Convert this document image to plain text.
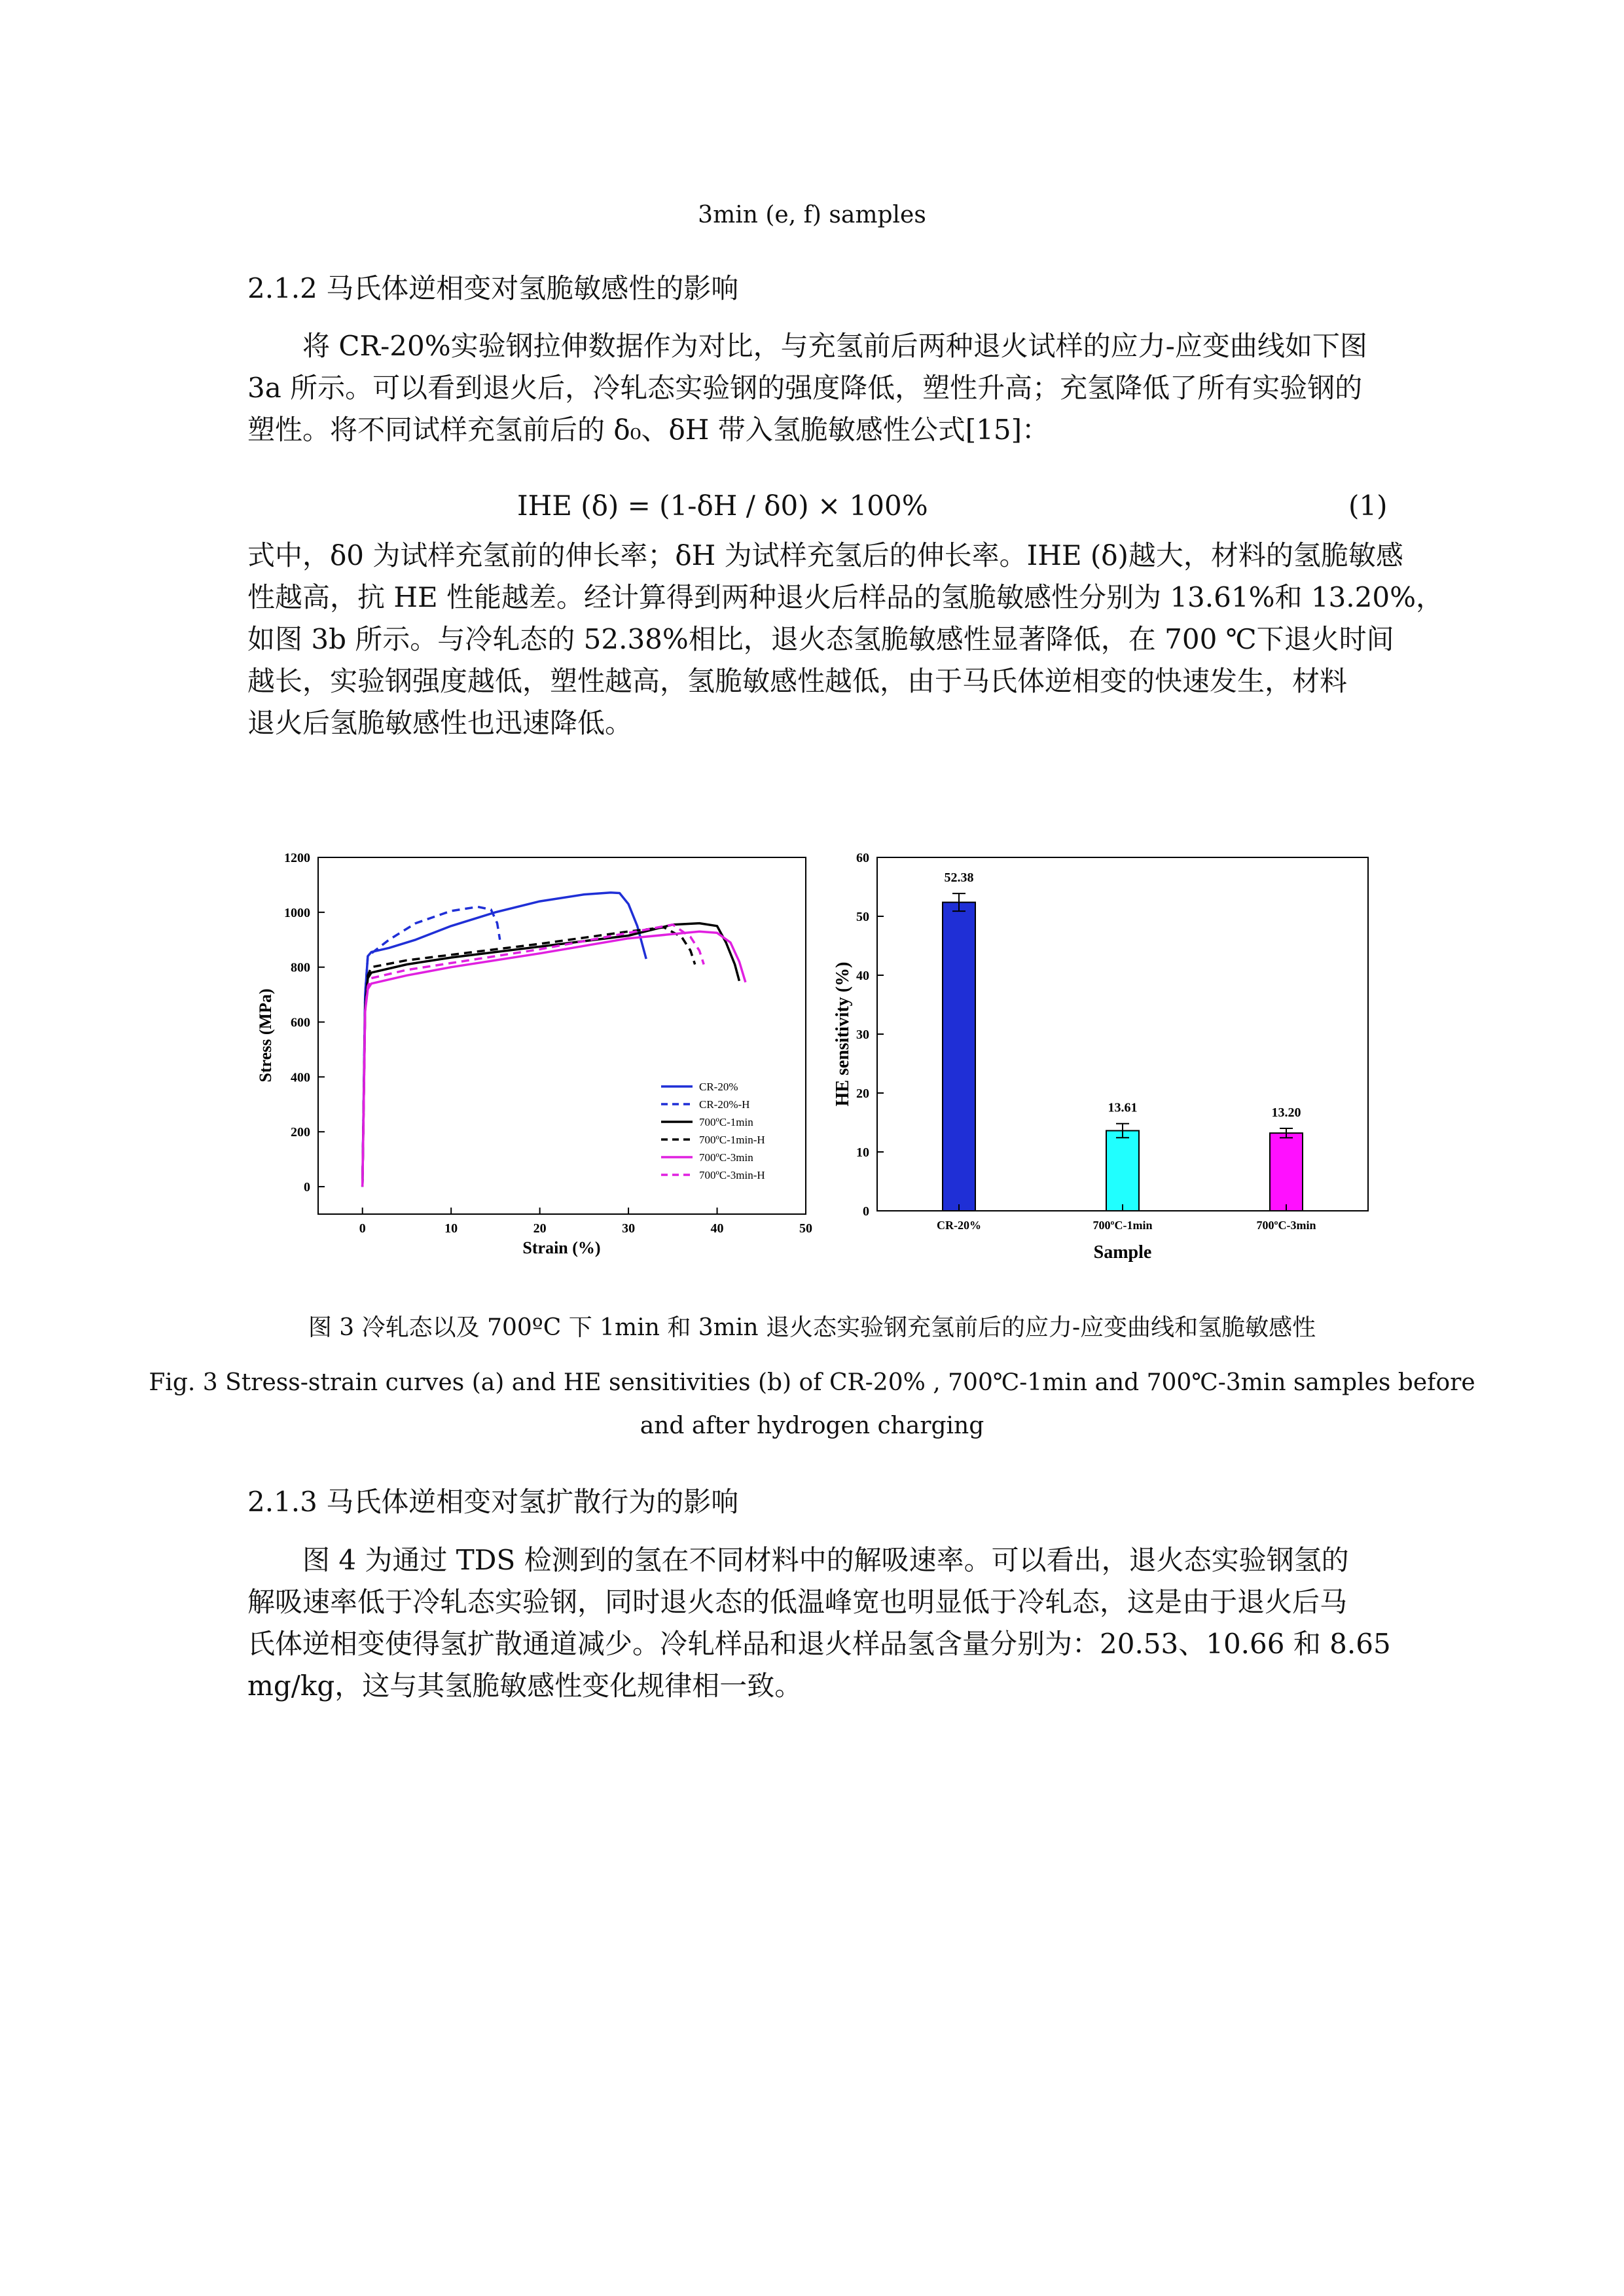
3min (e, f) samples
2.1.2 马氏体逆相变对氢脆敏感性的影响
将 CR-20%实验钢拉伸数据作为对比，与充氢前后两种退火试样的应力-应变曲线如下图
3a 所示。可以看到退火后，冷轧态实验钢的强度降低，塑性升高；充氢降低了所有实验钢的
塑性。将不同试样充氢前后的 δ₀、δH 带入氢脆敏感性公式[15]：
IHE (δ) = (1-δH / δ0) × 100%	(1)
式中，δ0 为试样充氢前的伸长率；δH 为试样充氢后的伸长率。IHE (δ)越大，材料的氢脆敏感
性越高，抗 HE 性能越差。经计算得到两种退火后样品的氢脆敏感性分别为 13.61%和 13.20%，
如图 3b 所示。与冷轧态的 52.38%相比，退火态氢脆敏感性显著降低，在 700 ℃下退火时间
越长，实验钢强度越低，塑性越高，氢脆敏感性越低，由于马氏体逆相变的快速发生，材料
退火后氢脆敏感性也迅速降低。
0	10	20	30	40	50
0
200
400
600
800
1000
1200
CR-20%
CR-20%-H
700ºC-1min
700ºC-1min-H
700ºC-3min
700ºC-3min-H
Strain (%)
Stress (MPa)
0
10
20
30
40
50
60
52.38
CR-20%
13.61
700ºC-1min
13.20
700ºC-3min
Sample
HE sensitivity (%)
图 3 冷轧态以及 700ºC 下 1min 和 3min 退火态实验钢充氢前后的应力-应变曲线和氢脆敏感性
Fig. 3 Stress-strain curves (a) and HE sensitivities (b) of CR-20% , 700℃-1min and 700℃-3min samples before
and after hydrogen charging
2.1.3 马氏体逆相变对氢扩散行为的影响
图 4 为通过 TDS 检测到的氢在不同材料中的解吸速率。可以看出，退火态实验钢氢的
解吸速率低于冷轧态实验钢，同时退火态的低温峰宽也明显低于冷轧态，这是由于退火后马
氏体逆相变使得氢扩散通道减少。冷轧样品和退火样品氢含量分别为：20.53、10.66 和 8.65
mg/kg，这与其氢脆敏感性变化规律相一致。
